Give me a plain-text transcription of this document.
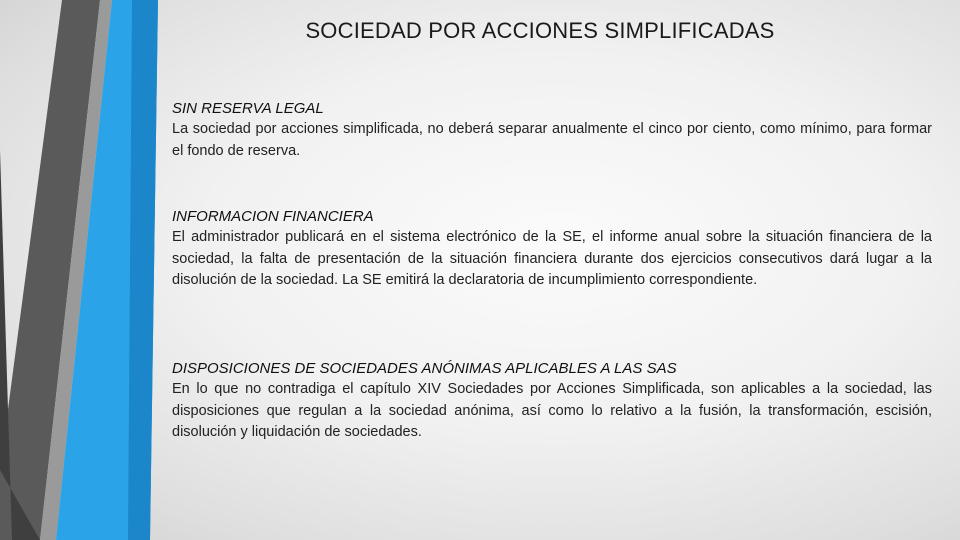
SOCIEDAD POR ACCIONES SIMPLIFICADAS
SIN RESERVA LEGAL

La sociedad por acciones simplificada, no deberá separar anualmente el cinco por ciento, como mínimo, para formar el fondo de reserva.

INFORMACION FINANCIERA

El administrador publicará en el sistema electrónico de la SE, el informe anual sobre la situación financiera de la sociedad, la falta de presentación de la situación financiera durante dos ejercicios consecutivos dará lugar a la disolución de la sociedad. La SE emitirá la declaratoria de incumplimiento correspondiente.

DISPOSICIONES DE SOCIEDADES ANÓNIMAS APLICABLES A LAS SAS

En lo que no contradiga el capítulo XIV Sociedades por Acciones Simplificada, son aplicables a la sociedad, las disposiciones que regulan a la sociedad anónima, así como lo relativo a la fusión, la transformación, escisión, disolución y liquidación de sociedades.
